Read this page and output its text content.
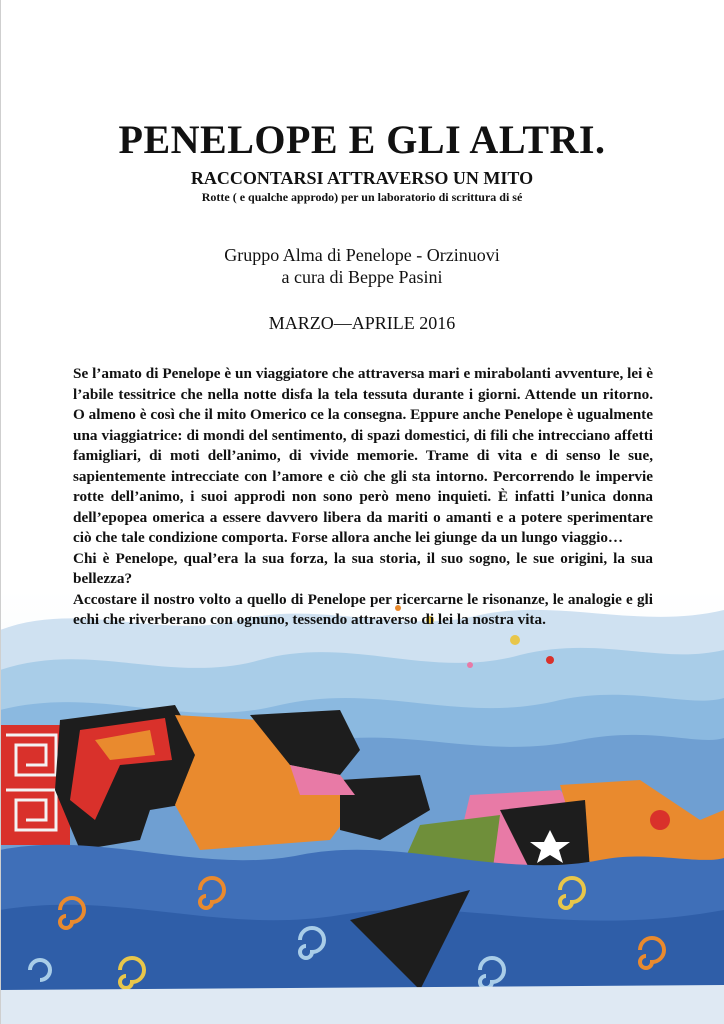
PENELOPE E GLI ALTRI.
RACCONTARSI ATTRAVERSO UN MITO
Rotte ( e qualche approdo) per un laboratorio di scrittura di sé
Gruppo Alma di Penelope - Orzinuovi
a cura di Beppe Pasini
MARZO—APRILE 2016

Se l’amato di Penelope è un viaggiatore che attraversa mari e mirabolanti avventure, lei è l’abile tessitrice che nella notte disfa la tela tessuta durante i giorni. Attende un ritorno. O almeno è così che il mito Omerico ce la consegna. Eppure anche Penelope è ugualmente una viaggiatrice: di mondi del sentimento, di spazi domestici, di fili che intrecciano affetti famigliari, di moti dell’animo, di vivide memorie. Trame di vita e di senso le sue, sapientemente intrecciate con l’amore e ciò che gli sta intorno. Percorrendo le impervie rotte dell’animo, i suoi approdi non sono però meno inquieti. È infatti l’unica donna dell’epopea omerica a essere davvero libera da mariti o amanti e a potere sperimentare ciò che tale condizione comporta. Forse allora anche lei giunge da un lungo viaggio…

Chi è Penelope, qual’era la sua forza, la sua storia, il suo sogno, le sue origini, la sua bellezza?

Accostare il nostro volto a quello di Penelope per ricercarne le risonanze, le analogie e gli echi che riverberano con ognuno, tessendo attraverso di lei la nostra vita.
